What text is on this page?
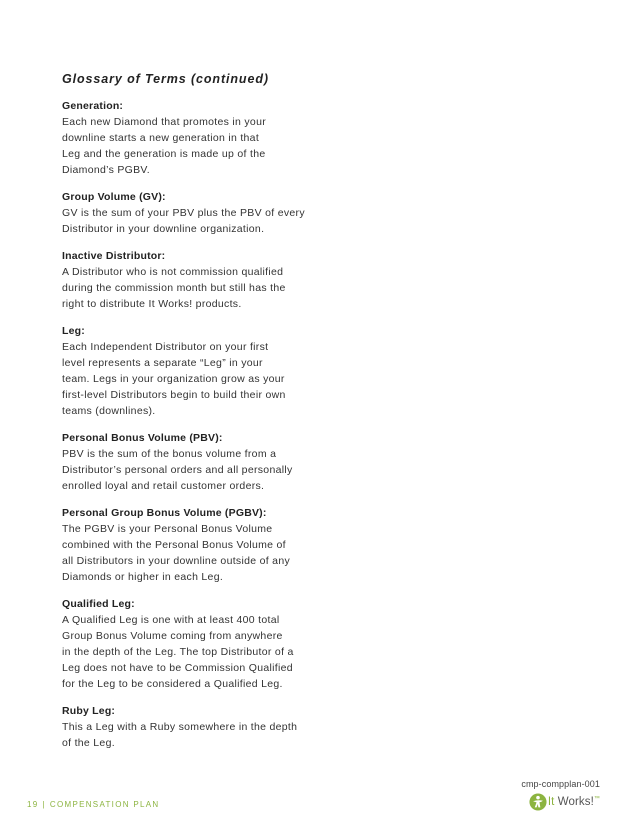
Glossary of Terms (continued)
Generation:
Each new Diamond that promotes in your
downline starts a new generation in that
Leg and the generation is made up of the
Diamond’s PGBV.
Group Volume (GV):
GV is the sum of your PBV plus the PBV of every
Distributor in your downline organization.
Inactive Distributor:
A Distributor who is not commission qualified
during the commission month but still has the
right to distribute It Works! products.
Leg:
Each Independent Distributor on your first
level represents a separate “Leg” in your
team. Legs in your organization grow as your
first-level Distributors begin to build their own
teams (downlines).
Personal Bonus Volume (PBV):
PBV is the sum of the bonus volume from a
Distributor’s personal orders and all personally
enrolled loyal and retail customer orders.
Personal Group Bonus Volume (PGBV):
The PGBV is your Personal Bonus Volume
combined with the Personal Bonus Volume of
all Distributors in your downline outside of any
Diamonds or higher in each Leg.
Qualified Leg:
A Qualified Leg is one with at least 400 total
Group Bonus Volume coming from anywhere
in the depth of the Leg. The top Distributor of a
Leg does not have to be Commission Qualified
for the Leg to be considered a Qualified Leg.
Ruby Leg:
This a Leg with a Ruby somewhere in the depth
of the Leg.
cmp-compplan-001
19 | COMPENSATION PLAN	It Works!™
